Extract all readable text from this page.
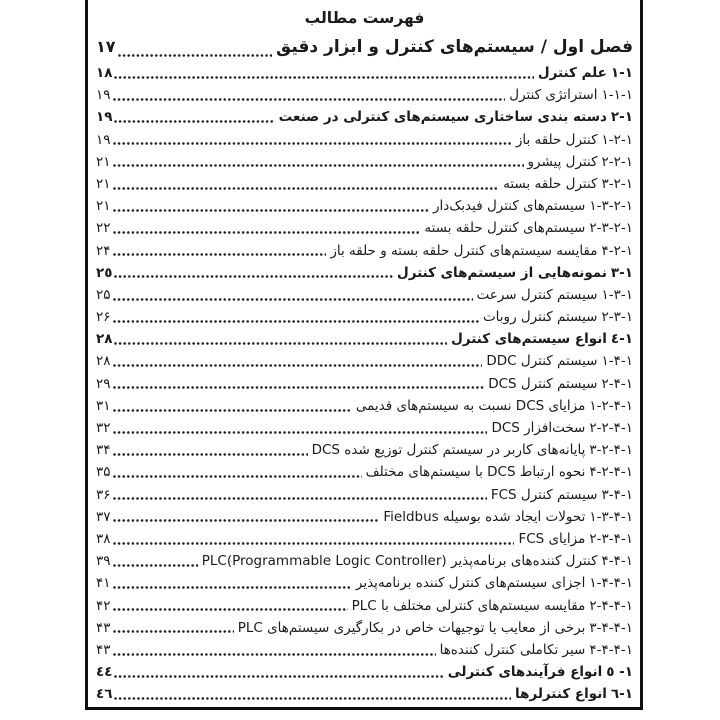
فهرست مطالب
فصل اول / سیستم‌های کنترل و ابزار دقیق
۱۷
۱-۱
علم کنترل
۱۸
۱-۱-۱
استراتژی کنترل
۱۹
۲-۱
دسته بندی ساختاری سیستم‌های کنترلی در صنعت
۱۹
۱-۲-۱
کنترل حلقه باز
۱۹
۲-۲-۱
کنترل پیشرو
۲۱
۳-۲-۱
کنترل حلقه بسته
۲۱
۱-۳-۲-۱
سیستم‌های کنترل فیدبک‌دار
۲۱
۲-۳-۲-۱
سیستم‌های کنترل حلقه بسته
۲۲
۴-۲-۱
مقایسه سیستم‌های کنترل حلقه بسته و حلقه باز
۲۴
۳-۱
نمونه‌هایی از سیستم‌های کنترل
۲٥
۱-۳-۱
سیستم کنترل سرعت
۲۵
۲-۳-۱
سیستم کنترل روبات
۲۶
٤-۱
انواع سیستم‌های کنترل
۲۸
۱-۴-۱
سیستم کنترل DDC
۲۸
۲-۴-۱
سیستم کنترل DCS
۲۹
۱-۲-۴-۱
مزایای DCS نسبت به سیستم‌های قدیمی
۳۱
۲-۲-۴-۱
سخت‌افزار DCS
۳۲
۳-۲-۴-۱
پایانه‌های کاربر در سیستم کنترل توزیع شده DCS
۳۴
۴-۲-۴-۱
نحوه ارتباط DCS با سیستم‌های مختلف
۳۵
۳-۴-۱
سیستم کنترل FCS
۳۶
۱-۳-۴-۱
تحولات ایجاد شده بوسیله Fieldbus
۳۷
۲-۳-۴-۱
مزایای FCS
۳۸
۴-۴-۱
کنترل کننده‌های برنامه‌پذیر PLC(Programmable Logic Controller)
۳۹
۱-۴-۴-۱
اجزای سیستم‌های کنترل کننده برنامه‌پذیر
۴۱
۲-۴-۴-۱
مقایسه سیستم‌های کنترلی مختلف با PLC
۴۲
۳-۴-۴-۱
برخی از معایب یا توجیهات خاص در بکارگیری سیستم‌های PLC
۴۳
۴-۴-۴-۱
سیر تکاملی کنترل کننده‌ها
۴۳
٥ -۱
انواع فرآیندهای کنترلی
٤٤
٦-۱
انواع کنترلرها
٤٦
